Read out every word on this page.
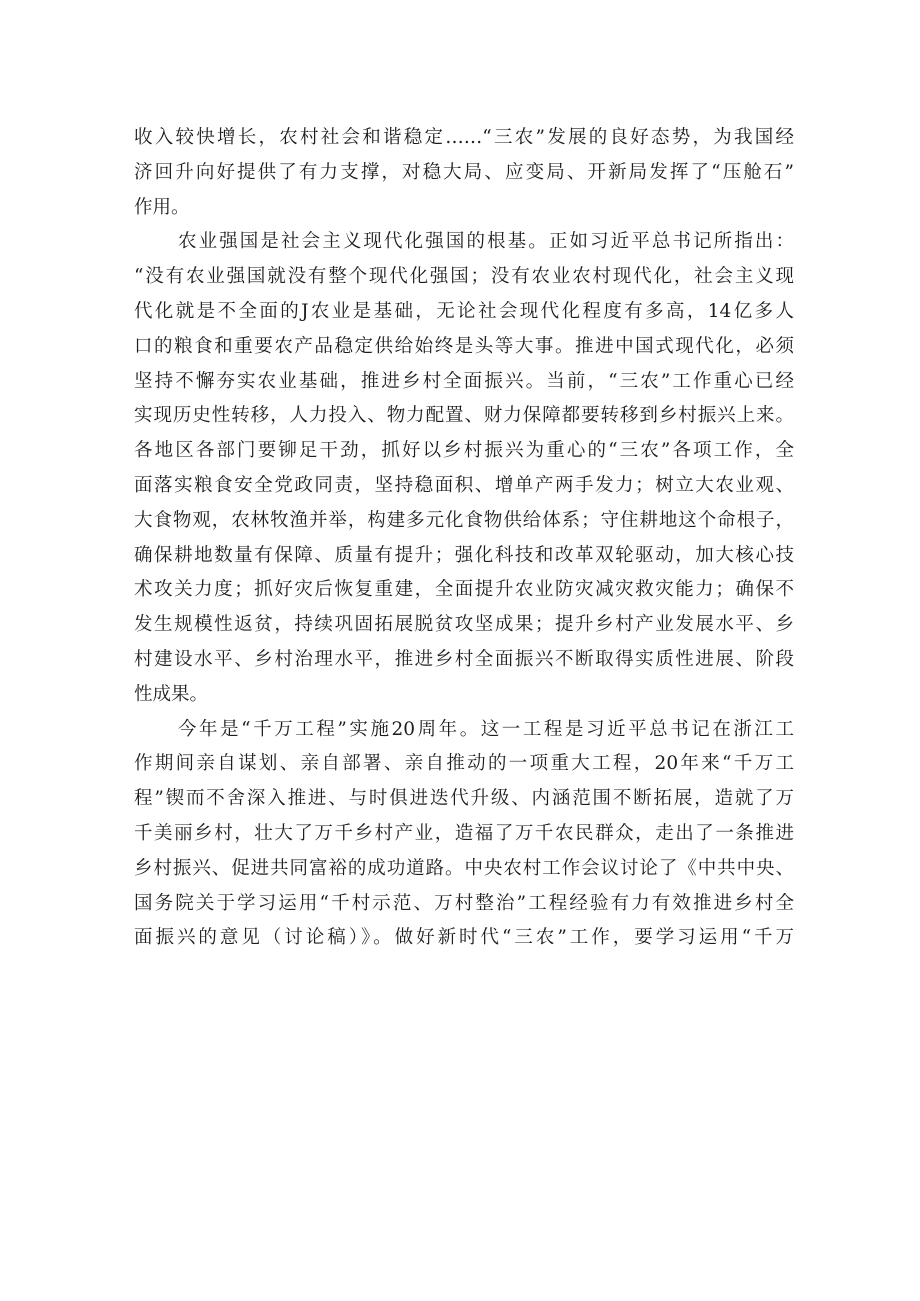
收入较快增长，农村社会和谐稳定……“三农”发展的良好态势，为我国经
济回升向好提供了有力支撑，对稳大局、应变局、开新局发挥了“压舱石”
作用。
农业强国是社会主义现代化强国的根基。正如习近平总书记所指出：
“没有农业强国就没有整个现代化强国；没有农业农村现代化，社会主义现
代化就是不全面的J农业是基础，无论社会现代化程度有多高，14亿多人
口的粮食和重要农产品稳定供给始终是头等大事。推进中国式现代化，必须
坚持不懈夯实农业基础，推进乡村全面振兴。当前，“三农”工作重心已经
实现历史性转移，人力投入、物力配置、财力保障都要转移到乡村振兴上来。
各地区各部门要铆足干劲，抓好以乡村振兴为重心的“三农”各项工作，全
面落实粮食安全党政同责，坚持稳面积、增单产两手发力；树立大农业观、
大食物观，农林牧渔并举，构建多元化食物供给体系；守住耕地这个命根子，
确保耕地数量有保障、质量有提升；强化科技和改革双轮驱动，加大核心技
术攻关力度；抓好灾后恢复重建，全面提升农业防灾减灾救灾能力；确保不
发生规模性返贫，持续巩固拓展脱贫攻坚成果；提升乡村产业发展水平、乡
村建设水平、乡村治理水平，推进乡村全面振兴不断取得实质性进展、阶段
性成果。
今年是“千万工程”实施20周年。这一工程是习近平总书记在浙江工
作期间亲自谋划、亲自部署、亲自推动的一项重大工程，20年来“千万工
程”锲而不舍深入推进、与时俱进迭代升级、内涵范围不断拓展，造就了万
千美丽乡村，壮大了万千乡村产业，造福了万千农民群众，走出了一条推进
乡村振兴、促进共同富裕的成功道路。中央农村工作会议讨论了《中共中央、
国务院关于学习运用“千村示范、万村整治”工程经验有力有效推进乡村全
面振兴的意见（讨论稿）》。做好新时代“三农”工作，要学习运用“千万
